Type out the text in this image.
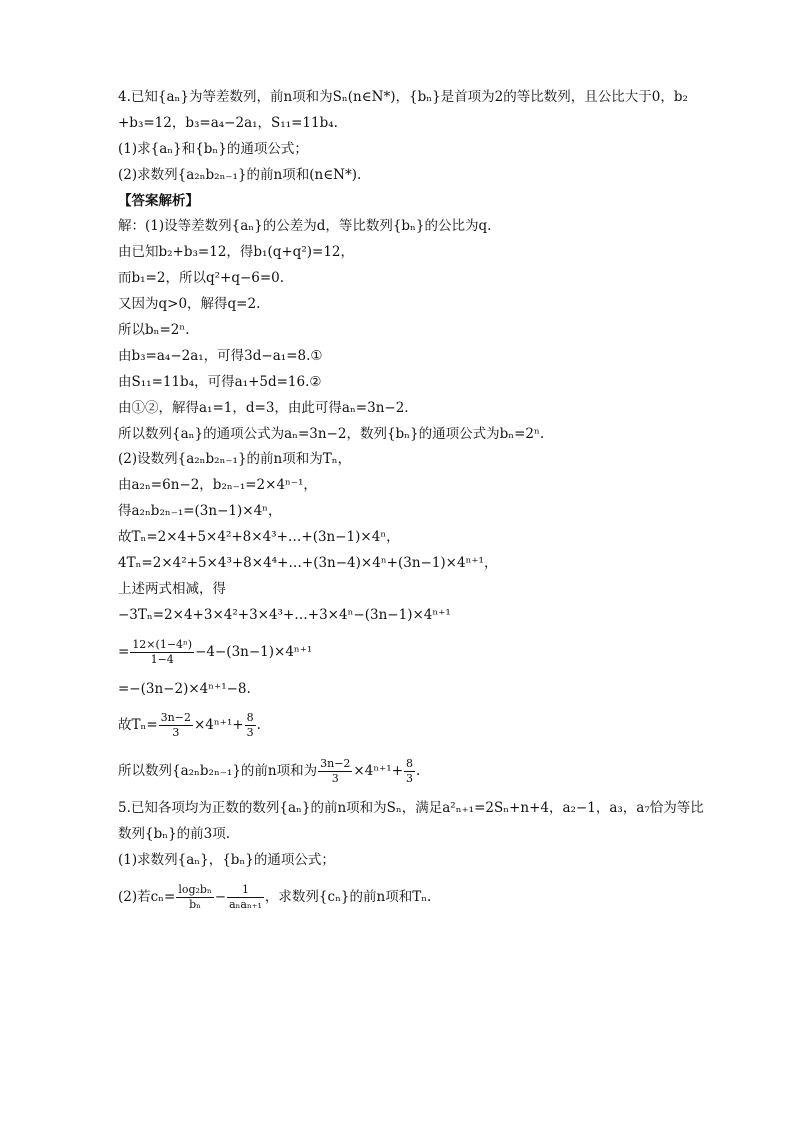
4.已知{aₙ}为等差数列，前n项和为Sₙ(n∈N*)，{bₙ}是首项为2的等比数列，且公比大于0，b₂
+b₃=12，b₃=a₄−2a₁，S₁₁=11b₄.
(1)求{aₙ}和{bₙ}的通项公式；
(2)求数列{a₂ₙb₂ₙ₋₁}的前n项和(n∈N*).
【答案解析】
解：(1)设等差数列{aₙ}的公差为d，等比数列{bₙ}的公比为q.
由已知b₂+b₃=12，得b₁(q+q²)=12，
而b₁=2，所以q²+q−6=0.
又因为q>0，解得q=2.
所以bₙ=2ⁿ.
由b₃=a₄−2a₁，可得3d−a₁=8.①
由S₁₁=11b₄，可得a₁+5d=16.②
由①②，解得a₁=1，d=3，由此可得aₙ=3n−2.
所以数列{aₙ}的通项公式为aₙ=3n−2，数列{bₙ}的通项公式为bₙ=2ⁿ.
(2)设数列{a₂ₙb₂ₙ₋₁}的前n项和为Tₙ，
由a₂ₙ=6n−2，b₂ₙ₋₁=2×4ⁿ⁻¹，
得a₂ₙb₂ₙ₋₁=(3n−1)×4ⁿ，
故Tₙ=2×4+5×4²+8×4³+…+(3n−1)×4ⁿ，
4Tₙ=2×4²+5×4³+8×4⁴+…+(3n−4)×4ⁿ+(3n−1)×4ⁿ⁺¹，
上述两式相减，得
−3Tₙ=2×4+3×4²+3×4³+…+3×4ⁿ−(3n−1)×4ⁿ⁺¹
= $\frac{\text{12×(1−4ⁿ)}}{1-4} -4-(3n-1)\times 4^{n+1}$
=−(3n−2)×4ⁿ⁺¹−8.
故$T_n= \frac{3n-2}{3} \times 4^{n+1}+ \frac{8}{3}$ .
所以数列{a₂ₙb₂ₙ₋₁}的前n项和为 $\frac{3n-2}{3} \times 4^{n+1}+ \frac{8}{3}$ .
5.已知各项均为正数的数列{aₙ}的前n项和为Sₙ，满足a²ₙ₊₁=2Sₙ+n+4，a₂−1，a₃，a₇恰为等比
数列{bₙ}的前3项.
(1)求数列{aₙ}，{bₙ}的通项公式；
(2)若$c_n= \frac{\text{log₂bₙ}}{\text{bₙ}} - \frac{1}{\text{aₙaₙ₊₁}}$ ，求数列{cₙ}的前n项和Tₙ.
